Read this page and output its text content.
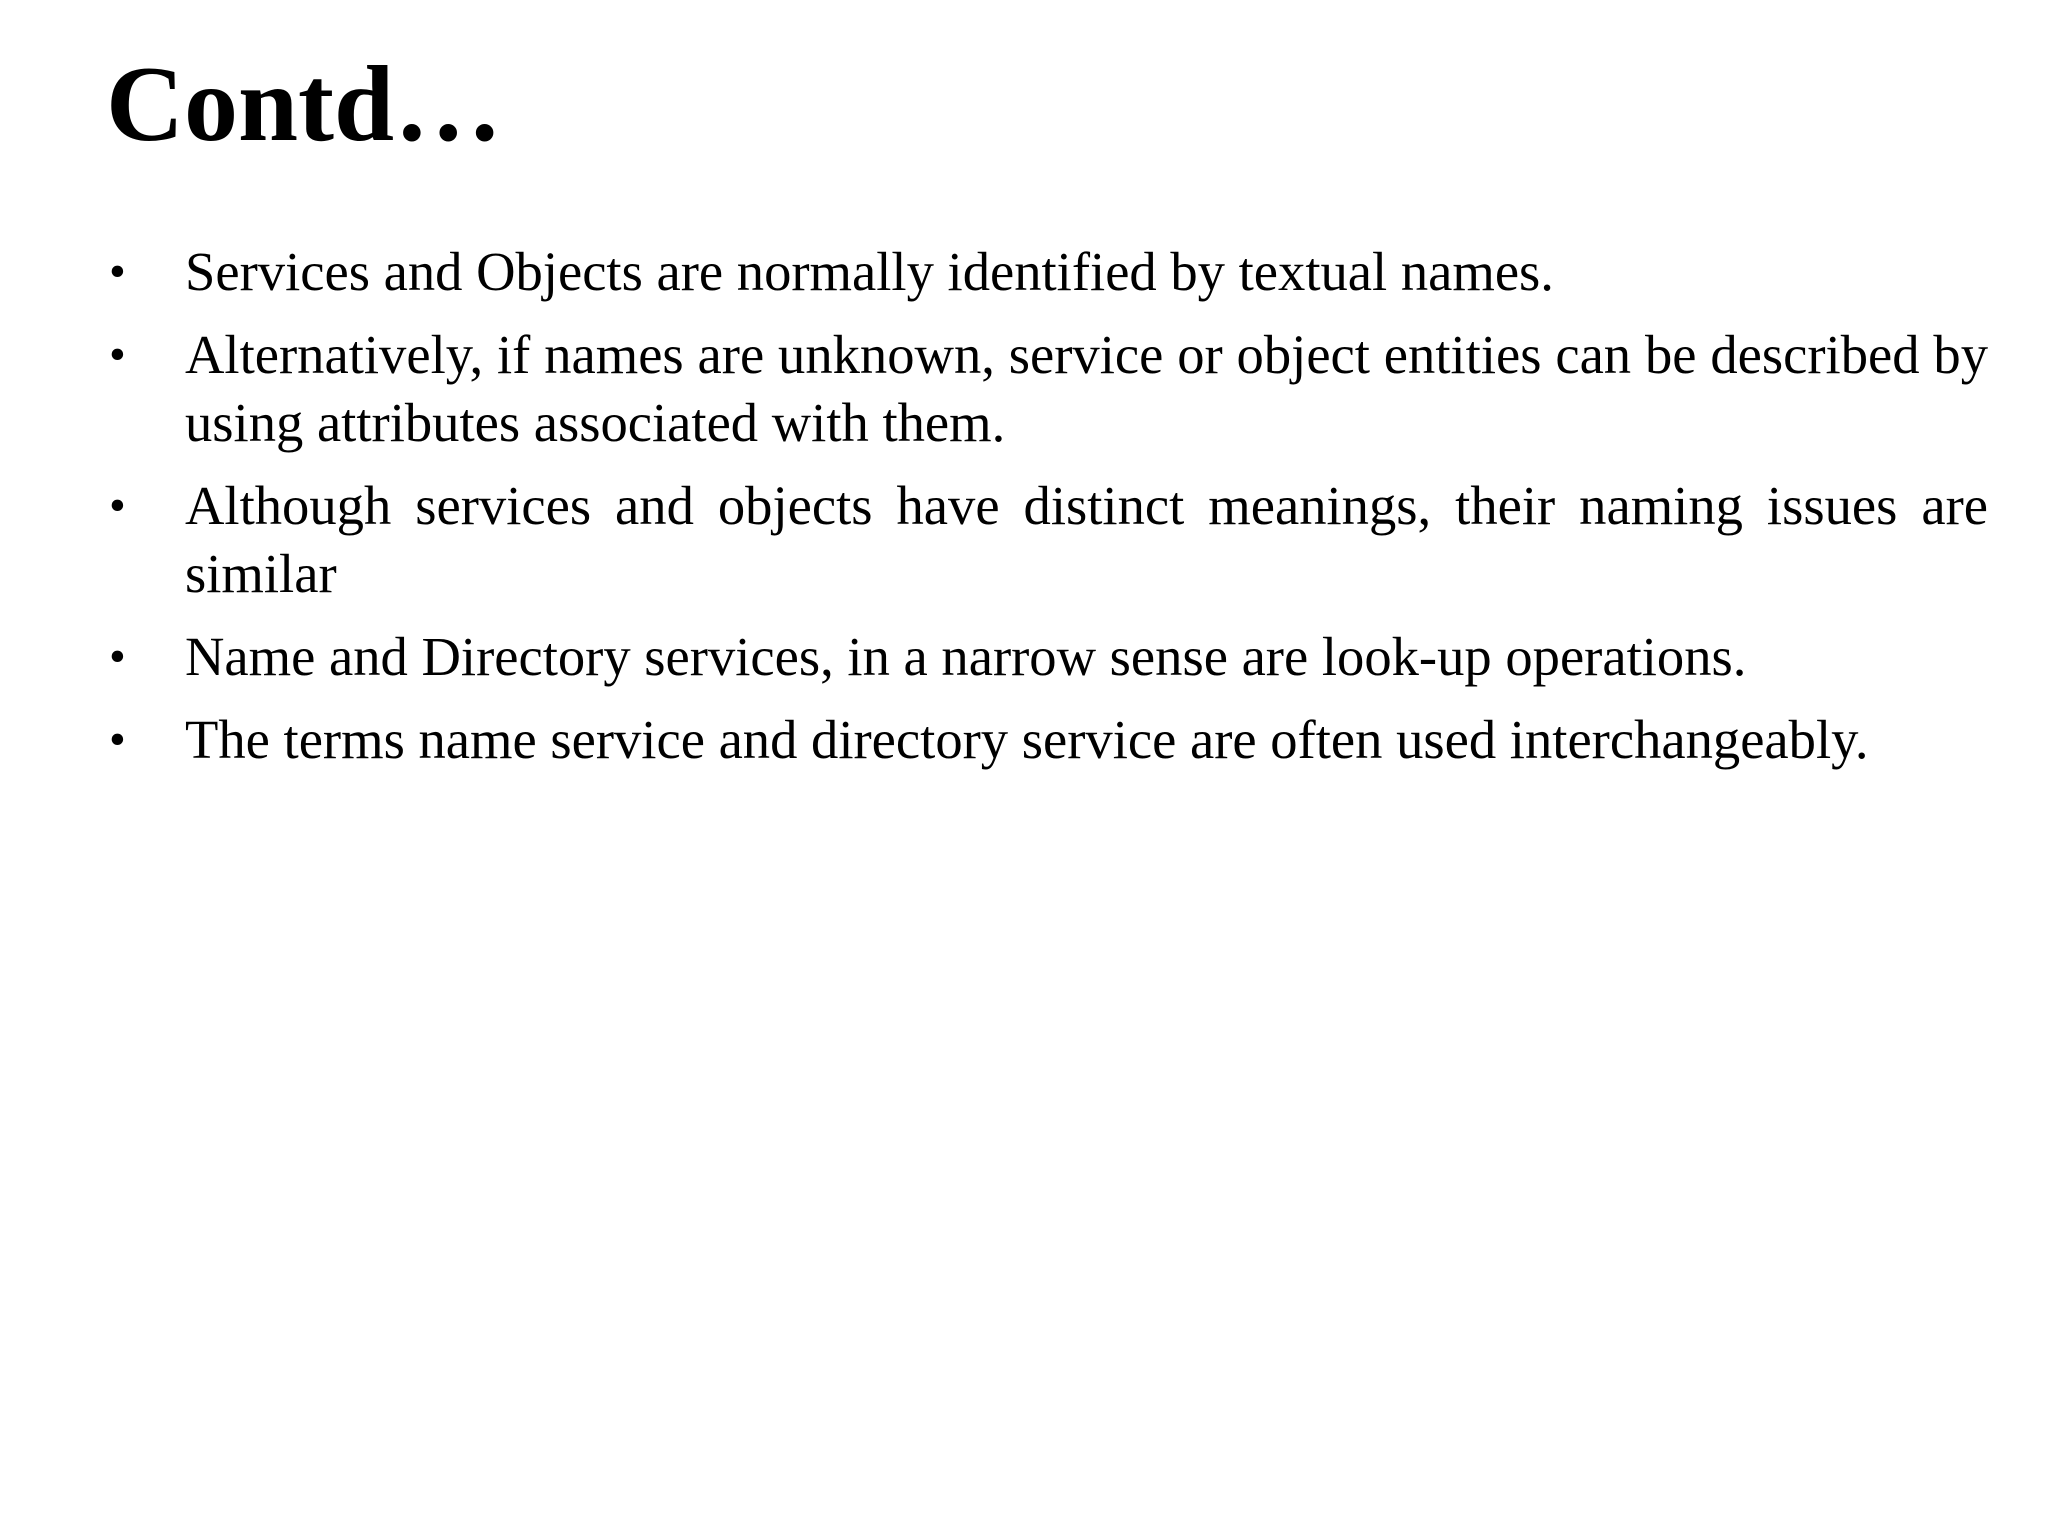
Contd…
• Services and Objects are normally identified by textual names.
• Alternatively, if names are unknown, service or object entities can be described by using attributes associated with them.
• Although services and objects have distinct meanings, their naming issues are similar
• Name and Directory services, in a narrow sense are look-up operations.
• The terms name service and directory service are often used interchangeably.
